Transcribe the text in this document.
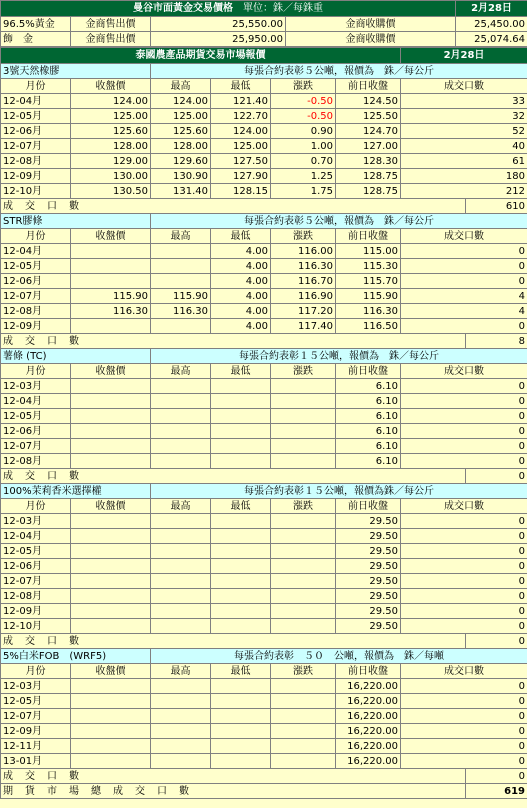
曼谷市面黃金交易價格　 單位：銖／每銖重				2月28日
96.5%黃金	金商售出價	25,550.00	金商收購價	25,450.00
飾　金	金商售出價	25,950.00	金商收購價	25,074.64
泰國農產品期貨交易市場報價						2月28日	
3號天然橡膠		每張合約表彰５公噸，報價為　銖／每公斤					
月份	收盤價	最高	最低	漲跌	前日收盤	成交口數	
12-04月	124.00	124.00	121.40	-0.50	124.50	33	
12-05月	125.00	125.00	122.70	-0.50	125.50	32	
12-06月	125.60	125.60	124.00	0.90	124.70	52	
12-07月	128.00	128.00	125.00	1.00	127.00	40	
12-08月	129.00	129.60	127.50	0.70	128.30	61	
12-09月	130.00	130.90	127.90	1.25	128.75	180	
12-10月	130.50	131.40	128.15	1.75	128.75	212	
成　交　口　數							610
STR膠條		每張合約表彰５公噸，報價為　銖／每公斤					
月份	收盤價	最高	最低	漲跌	前日收盤	成交口數	
12-04月			4.00	116.00	115.00	0	
12-05月			4.00	116.30	115.30	0	
12-06月			4.00	116.70	115.70	0	
12-07月	115.90	115.90	4.00	116.90	115.90	4	
12-08月	116.30	116.30	4.00	117.20	116.30	4	
12-09月			4.00	117.40	116.50	0	
成　交　口　數							8
薯條 (TC)		每張合約表彰１５公噸，報價為　銖／每公斤					
月份	收盤價	最高	最低	漲跌	前日收盤	成交口數	
12-03月					6.10	0	
12-04月					6.10	0	
12-05月					6.10	0	
12-06月					6.10	0	
12-07月					6.10	0	
12-08月					6.10	0	
成　交　口　數							0
100%茉莉香米選擇權		每張合約表彰１５公噸，報價為銖／每公斤					
月份	收盤價	最高	最低	漲跌	前日收盤	成交口數	
12-03月					29.50	0	
12-04月					29.50	0	
12-05月					29.50	0	
12-06月					29.50	0	
12-07月					29.50	0	
12-08月					29.50	0	
12-09月					29.50	0	
12-10月					29.50	0	
成　交　口　數							0
5%白米FOB　(WRF5)		每張合約表彰　５０　公噸，報價為　銖／每噸					
月份	收盤價	最高	最低	漲跌	前日收盤	成交口數	
12-03月					16,220.00	0	
12-05月					16,220.00	0	
12-07月					16,220.00	0	
12-09月					16,220.00	0	
12-11月					16,220.00	0	
13-01月					16,220.00	0	
成　交　口　數							0
期　貨　市　場　總　成　交　口　數							619
